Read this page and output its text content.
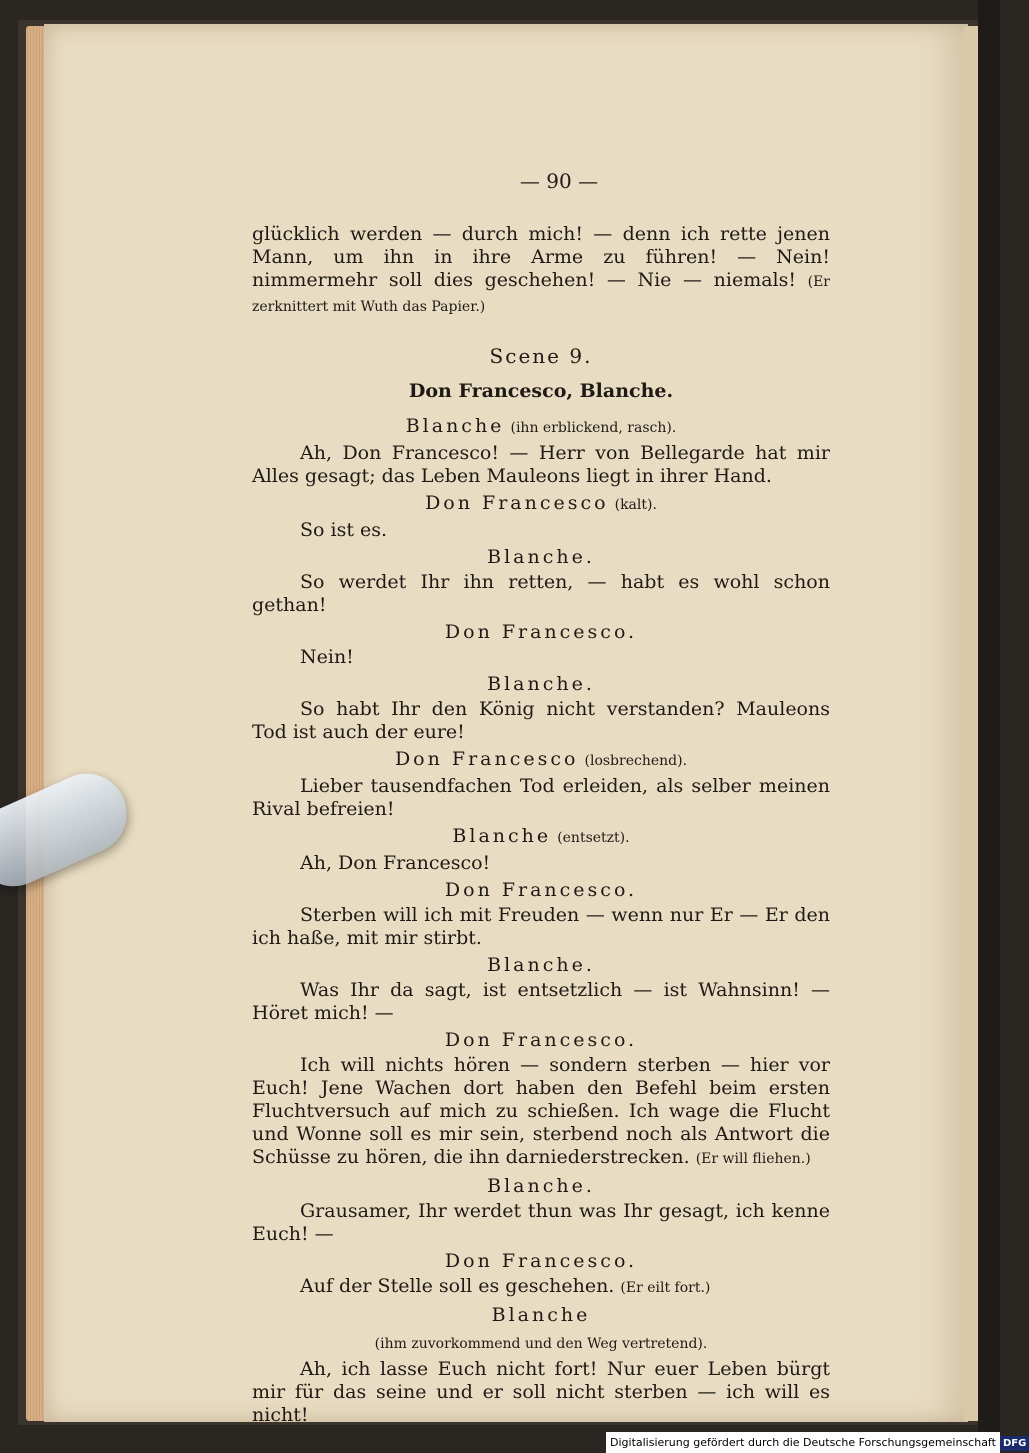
— 90 —
glücklich werden — durch mich! — denn ich rette jenen Mann, um ihn in ihre Arme zu führen! — Nein! nimmermehr soll dies geschehen! — Nie — niemals! (Er zerknittert mit Wuth das Papier.)
Scene 9.
Don Francesco, Blanche.
Blanche (ihn erblickend, rasch).
Ah, Don Francesco! — Herr von Bellegarde hat mir Alles gesagt; das Leben Mauleons liegt in ihrer Hand.
Don Francesco (kalt).
So ist es.
Blanche.
So werdet Ihr ihn retten, — habt es wohl schon gethan!
Don Francesco.
Nein!
Blanche.
So habt Ihr den König nicht verstanden? Mauleons Tod ist auch der eure!
Don Francesco (losbrechend).
Lieber tausendfachen Tod erleiden, als selber meinen Rival befreien!
Blanche (entsetzt).
Ah, Don Francesco!
Don Francesco.
Sterben will ich mit Freuden — wenn nur Er — Er den ich haße, mit mir stirbt.
Blanche.
Was Ihr da sagt, ist entsetzlich — ist Wahnsinn! — Höret mich! —
Don Francesco.
Ich will nichts hören — sondern sterben — hier vor Euch! Jene Wachen dort haben den Befehl beim ersten Fluchtversuch auf mich zu schießen. Ich wage die Flucht und Wonne soll es mir sein, sterbend noch als Antwort die Schüsse zu hören, die ihn darniederstrecken. (Er will fliehen.)
Blanche.
Grausamer, Ihr werdet thun was Ihr gesagt, ich kenne Euch! —
Don Francesco.
Auf der Stelle soll es geschehen. (Er eilt fort.)
Blanche
(ihm zuvorkommend und den Weg vertretend).
Ah, ich lasse Euch nicht fort! Nur euer Leben bürgt mir für das seine und er soll nicht sterben — ich will es nicht!
Digitalisierung gefördert durch die Deutsche Forschungsgemeinschaft DFG
